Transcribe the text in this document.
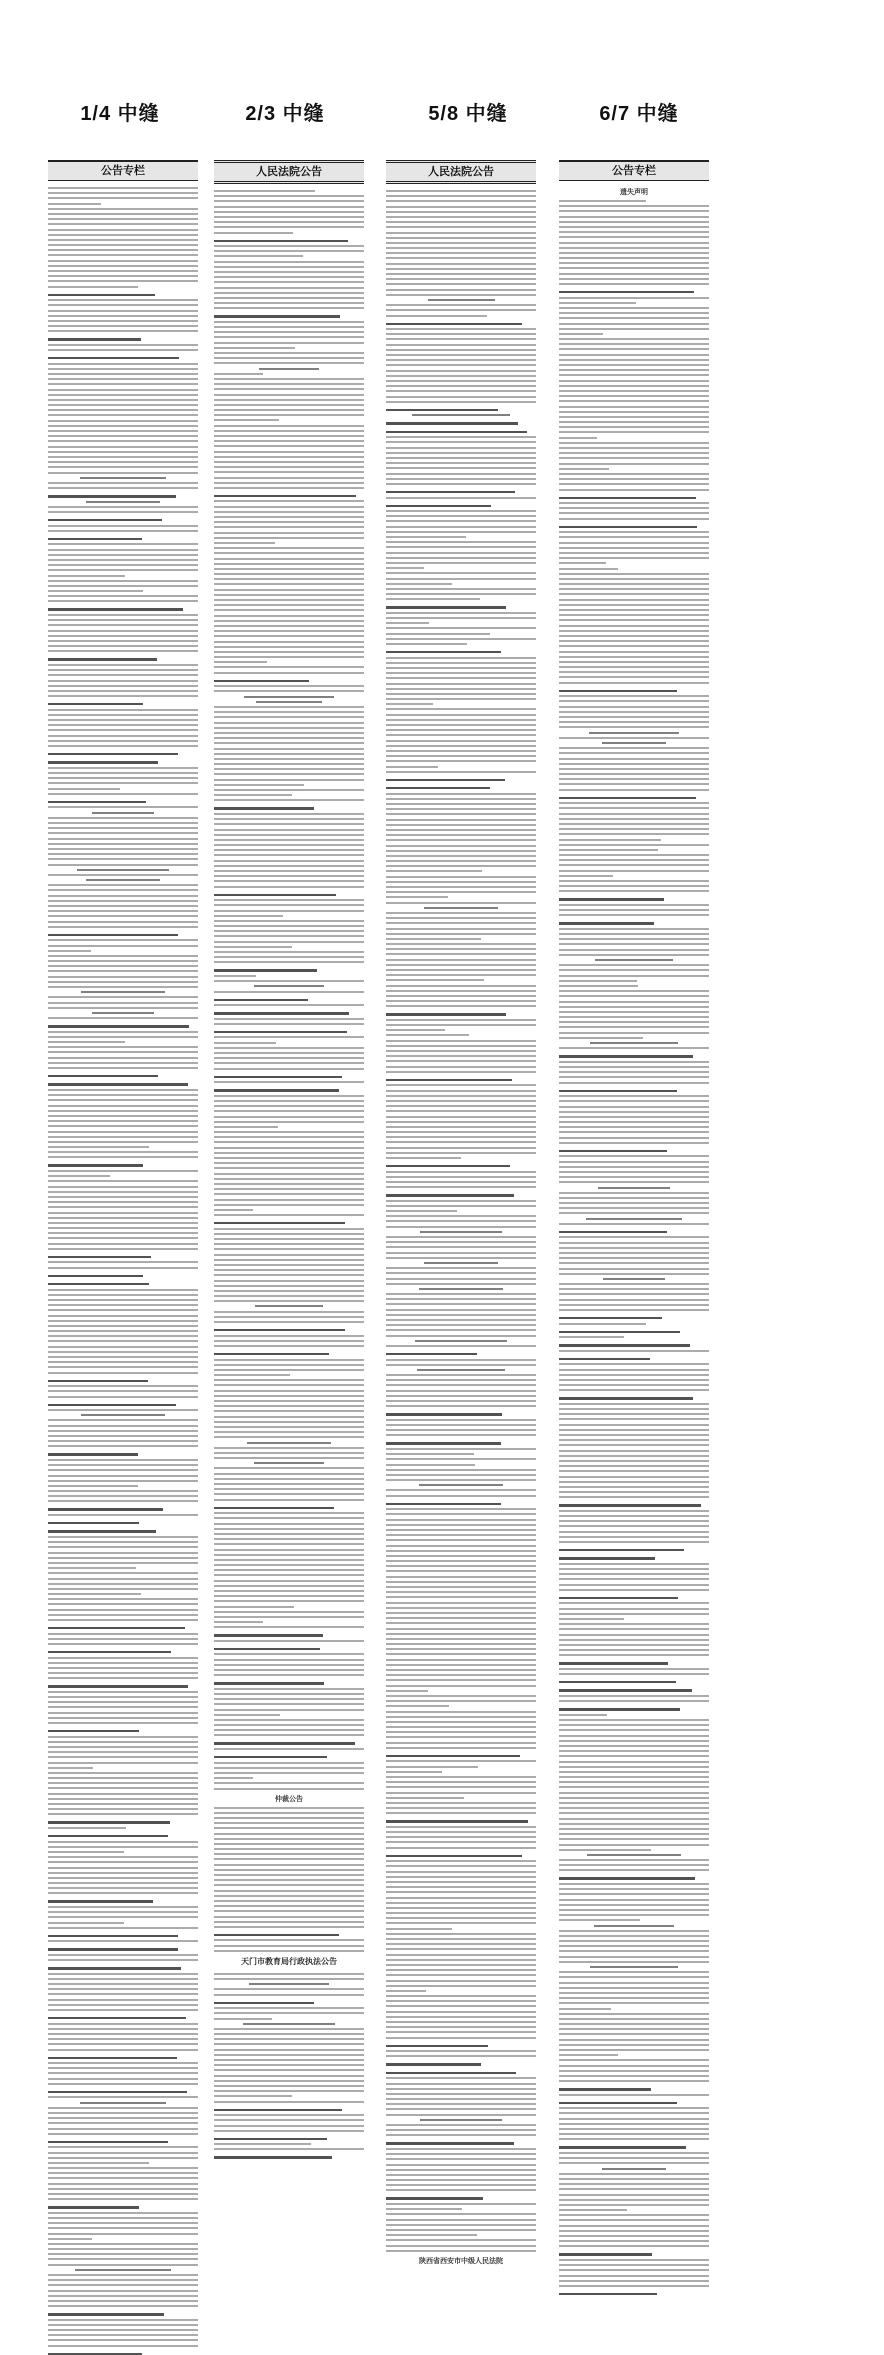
1/4 中缝	2/3 中缝	5/8 中缝	6/7 中缝
公告专栏	人民法院公告
仲裁公告
天门市教育局行政执法公告
人民法院公告
陕西省西安市中级人民法院
公告专栏
遗失声明
